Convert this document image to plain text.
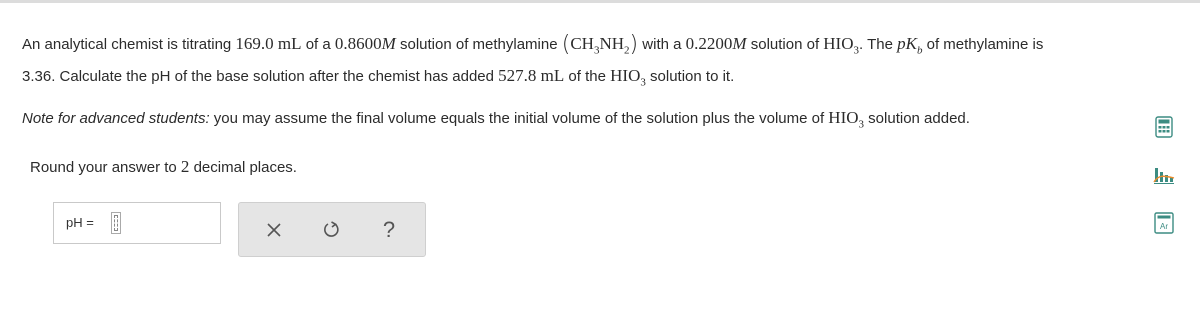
An analytical chemist is titrating 169.0 mL of a 0.8600M solution of methylamine $(CH_3NH_2)$ with a 0.2200M solution of $HIO_3$. The $pK_b$ of methylamine is
3.36. Calculate the pH of the base solution after the chemist has added 527.8 mL of the $HIO_3$ solution to it.
Note for advanced students: you may assume the final volume equals the initial volume of the solution plus the volume of $HIO_3$ solution added.
Round your answer to 2 decimal places.
pH =	?	Ar
